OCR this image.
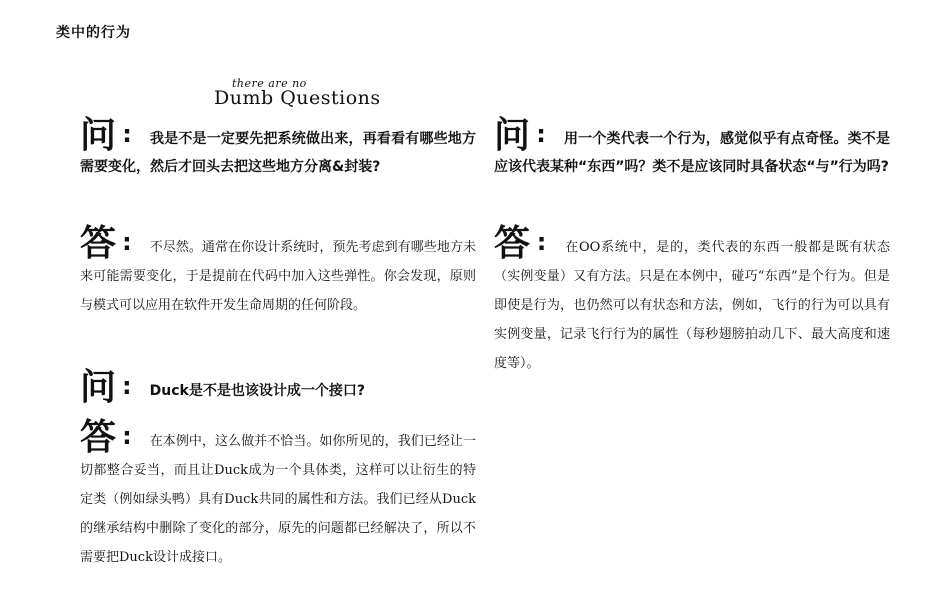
类中的行为
there are no
Dumb Questions
问 : 我是不是一定要先把系统做出来，再看看有哪些地方需要变化，然后才回头去把这些地方分离&封装?
答 : 不尽然。通常在你设计系统时，预先考虑到有哪些地方未来可能需要变化，于是提前在代码中加入这些弹性。你会发现，原则与模式可以应用在软件开发生命周期的任何阶段。
问 : Duck是不是也该设计成一个接口?
答 : 在本例中，这么做并不恰当。如你所见的，我们已经让一切都整合妥当，而且让Duck成为一个具体类，这样可以让衍生的特定类（例如绿头鸭）具有Duck共同的属性和方法。我们已经从Duck的继承结构中删除了变化的部分，原先的问题都已经解决了，所以不需要把Duck设计成接口。
问 : 用一个类代表一个行为，感觉似乎有点奇怪。类不是应该代表某种“东西”吗？类不是应该同时具备状态“与”行为吗?
答 : 在OO系统中，是的，类代表的东西一般都是既有状态（实例变量）又有方法。只是在本例中，碰巧“东西”是个行为。但是即使是行为，也仍然可以有状态和方法，例如，飞行的行为可以具有实例变量，记录飞行行为的属性（每秒翅膀拍动几下、最大高度和速度等）。
